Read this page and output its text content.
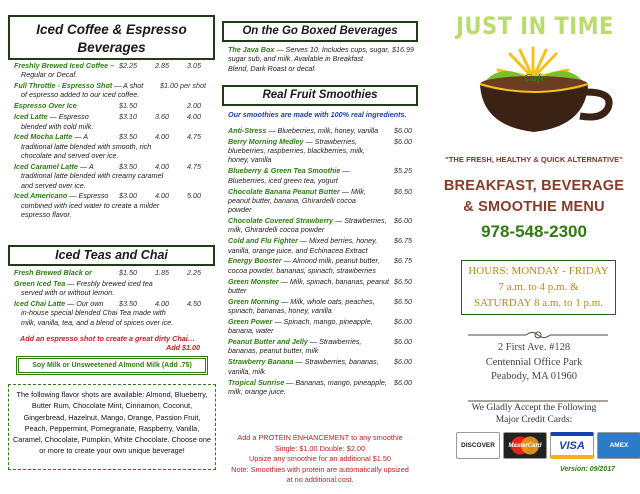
Iced Coffee & Espresso
Beverages
Freshly Brewed Iced Coffee – $2.25	2.85	3.05
Regular or Decaf.
Full Throttle - Espresso Shot — A shot $1.00 per shot
of espresso added to our iced coffee.
Espresso Over Ice	$1.50	2.00
Iced Latte — Espresso	$3.10	3.60	4.00
blended with cold milk.
Iced Mocha Latte — A	$3.50	4.00	4.75
traditional latte blended with smooth, rich
chocolate and served over ice.
Iced Caramel Latte — A	$3.50	4.00	4.75
traditional latte blended with creamy caramel
and served over ice.
Iced Americano — Espresso $3.00	4.00	5.00
combined with iced water to create a milder
espresso flavor.
Iced Teas and Chai
Fresh Brewed Black or	$1.50	1.85	2.25
Green Iced Tea — Freshly brewed iced tea
served with or without lemon.
Iced Chai Latte — Our own $3.50	4.00	4.50
in-house special blended Chai Tea made with
milk, vanilla, tea, and a blend of spices over ice.
Add an espresso shot to create a great dirty Chai…
Add $1.00
Soy Milk or Unsweetened Almond Milk (Add .75)
The following flavor shots are available: Almond, Blueberry, Butter Rum, Chocolate Mint, Cinnamon, Coconut, Gingerbread, Hazelnut, Mango, Orange, Passion Fruit, Peach, Peppermint, Pomegranate, Raspberry, Vanilla, Caramel, Chocolate, Pumpkin, White Chocolate. Choose one or more to create your own unique beverage!
On the Go Boxed Beverages
The Java Box — Serves 10. Includes cups, sugar, $16.99
sugar sub, and milk. Available in Breakfast
Blend, Dark Roast or decaf.
Real Fruit Smoothies
Our smoothies are made with 100% real ingredients.
Anti-Stress — Blueberries, milk, honey, vanilla $6.00
Berry Morning Medley — Strawberries,	$6.00
blueberries, raspberries, blackberries, milk,
honey, vanilla
Blueberry & Green Tea Smoothie —	$5.25
Blueberries, iced green tea, yogurt
Chocolate Banana Peanut Butter — Milk,	$6.50
peanut butter, banana, Ghirardelli cocoa
powder
Chocolate Covered Strawberry — Strawberries, $6.00
milk, Ghirardelli cocoa powder
Cold and Flu Fighter — Mixed berries, honey, $6.75
vanilla, orange juice, and Echinacea Extract
Energy Booster — Almond milk, peanut butter, $6.75
cocoa powder, bananas, spinach, strawberries
Green Monster — Milk, spinach, bananas, peanut $6.50
butter
Green Morning — Milk, whole oats, peaches,	$6.50
spinach, bananas, honey, vanilla
Green Power — Spinach, mango, pineapple,	$6.00
banana, water
Peanut Butter and Jelly — Strawberries,	$6.00
bananas, peanut butter, milk
Strawberry Banana — Strawberries, bananas, $6.00
vanilla, milk
Tropical Sunrise — Bananas, mango, pineapple, $6.00
milk, orange juice.
Add a PROTEIN ENHANCEMENT to any smoothie
Single: $1.00 Double: $2.00
Upsize any smoothie for an additional $1.50
Note: Smoothies with protein are automatically upsized
at no additional cost.
JUST IN TIME
Cafe
"THE FRESH, HEALTHY & QUICK ALTERNATIVE"
BREAKFAST, BEVERAGE
& SMOOTHIE MENU
978-548-2300
HOURS: MONDAY - FRIDAY
7 a.m. to 4 p.m. &
SATURDAY 8 a.m. to 1 p.m.
2 First Ave. #128
Centennial Office Park
Peabody, MA 01960
We Gladly Accept the Following
Major Credit Cards:
DISCOVER MasterCard VISA	AMEX
Version: 09/2017
